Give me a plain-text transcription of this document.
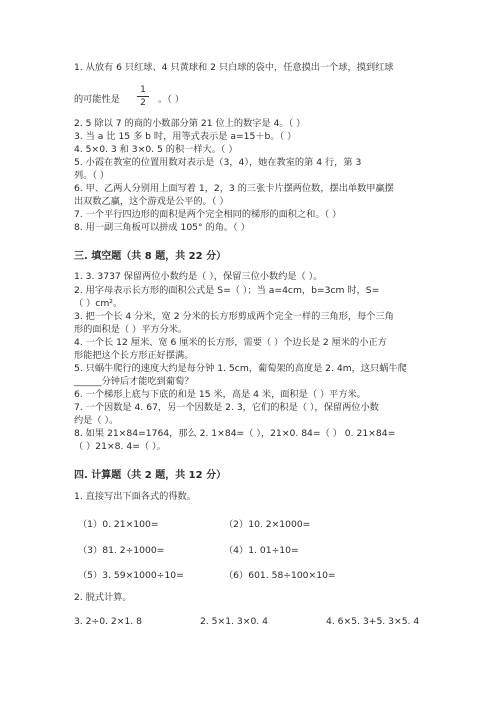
1. 从放有 6 只红球、4 只黄球和 2 只白球的袋中，任意摸出一个球，摸到红球
的可能性是
1
2	。（ ）
2. 5 除以 7 的商的小数部分第 21 位上的数字是 4。（ ）
3. 当 a 比 15 多 b 时，用等式表示是 a=15＋b。（ ）
4. 5×0. 3 和 3×0. 5 的积一样大。（ ）
5. 小霞在教室的位置用数对表示是（3，4），她在教室的第 4 行，第 3
列。（ ）
6. 甲、乙两人分别用上面写着 1，2，3 的三张卡片摆两位数，摆出单数甲赢摆
出双数乙赢，这个游戏是公平的。（ ）
7. 一个平行四边形的面积是两个完全相同的梯形的面积之和。（ ）
8. 用一副三角板可以拼成 105° 的角。（ ）
三. 填空题（共 8 题，共 22 分）
1. 3. 3737 保留两位小数约是（ ），保留三位小数约是（ ）。
2. 用字母表示长方形的面积公式是 S=（ ）；当 a=4cm，b=3cm 时，S=
（ ）cm²。
3. 把一个长 4 分米，宽 2 分米的长方形剪成两个完全一样的三角形，每个三角
形的面积是（ ）平方分米。
4. 一个长 12 厘米、宽 6 厘米的长方形，需要（ ）个边长是 2 厘米的小正方
形能把这个长方形正好摆满。
5. 只蜗牛爬行的速度大约是每分钟 1. 5cm，葡萄架的高度是 2. 4m，这只蜗牛爬
______分钟后才能吃到葡萄？
6. 一个梯形上底与下底的和是 15 米，高是 4 米，面积是（ ）平方米。
7. 一个因数是 4. 67，另一个因数是 2. 3，它们的积是（ ），保留两位小数
约是（ ）。
8. 如果 21×84=1764，那么 2. 1×84=（ ），21×0. 84=（ ） 0. 21×84=
（ ）21×8. 4=（ ）。
四. 计算题（共 2 题，共 12 分）
1. 直接写出下面各式的得数。
（1）0. 21×100=	（2）10. 2×1000=
（3）81. 2÷1000=	（4）1. 01÷10=
（5）3. 59×1000÷10=	（6）601. 58÷100×10=
2. 脱式计算。
3. 2÷0. 2×1. 8	2. 5×1. 3×0. 4	4. 6×5. 3+5. 3×5. 4
